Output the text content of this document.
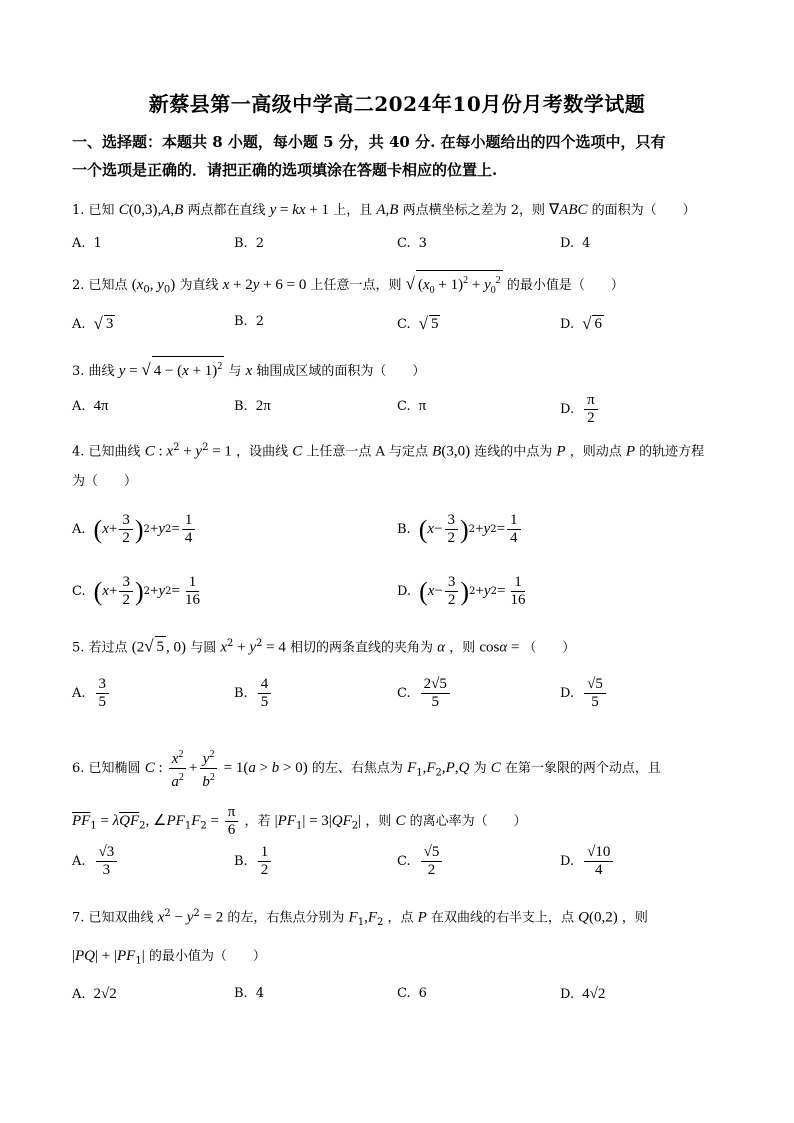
新蔡县第一高级中学高二2024年10月份月考数学试题
一、选择题：本题共 8 小题，每小题 5 分，共 40 分. 在每小题给出的四个选项中，只有
一个选项是正确的．请把正确的选项填涂在答题卡相应的位置上.
1. 已知 C(0,3),A,B 两点都在直线 y = kx + 1 上，且 A,B 两点横坐标之差为 2，则 ∇ABC 的面积为（　　）
A. 1	B. 2	C. 3	D. 4
2. 已知点 ($x_0$, $y_0$) 为直线 x + 2y + 6 = 0 上任意一点，则 √ $(x_0 + 1)^2 + y_0^2$ 的最小值是（　　）
A. √ 3	B. 2	C. √ 5	D. √ 6
3. 曲线 y = √ $4 - (x + 1)^2$ 与 x 轴围成区域的面积为（　　）
A. 4π	B. 2π	C. π	D. $\frac{\pi}{2}$
4. 已知曲线 C : $x^2 + y^2 = 1$ ，设曲线 C 上任意一点 A 与定点 B(3,0) 连线的中点为 P ，则动点 P 的轨迹方程
为（　　）
A. ( $x + \frac{3}{2}$ ) 2 + y $2 = \frac{1}{4}$	B. ( $x - \frac{3}{2}$ ) 2 + y $2 = \frac{1}{4}$
C. ( $x + \frac{3}{2}$ ) 2 + y $2 = \frac{1}{16}$	D. ( $x - \frac{3}{2}$ ) 2 + y $2 = \frac{1}{16}$
5. 若过点 (2√ 5 , 0) 与圆 $x^2 + y^2 = 4$ 相切的两条直线的夹角为 α ，则 cosα = （　　）
A. $\frac{3}{5}$	B. $\frac{4}{5}$	C. $\frac{2√5}{5}$	D. $\frac{√5}{5}$
6. 已知椭圆 C : $\frac{x^2}{a^2} + \frac{y^2}{b^2} = 1(a > b > 0)$ 的左、右焦点为 $F_1,F_2,P,Q$ 为 C 在第一象限的两个动点，且
$\overline{PF}_1 = \lambda\overline{QF}_2$, $\angle PF_1F_2 = \frac{\pi}{6}$ ，若 $|PF_1| = 3|QF_2|$ ，则 C 的离心率为（　　）
A. $\frac{√3}{3}$	B. $\frac{1}{2}$	C. $\frac{√5}{2}$	D. $\frac{√10}{4}$
7. 已知双曲线 $x^2 - y^2 = 2$ 的左，右焦点分别为 $F_1,F_2$ ，点 P 在双曲线的右半支上，点 Q(0,2) ，则
$|PQ| + |PF_1|$ 的最小值为（　　）
A. 2√2	B. 4	C. 6	D. 4√2
